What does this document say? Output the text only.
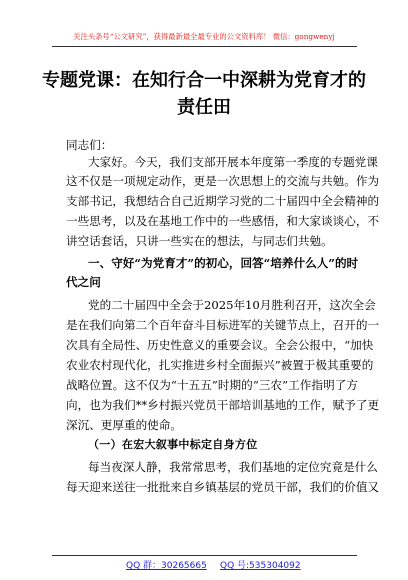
关注头条号“公文研究”，获得最新最全最专业的公文资料库！ 微信：gongwenyj
专题党课：在知行合一中深耕为党育才的
责任田
同志们：
大家好。今天，我们支部开展本年度第一季度的专题党课
这不仅是一项规定动作，更是一次思想上的交流与共勉。作为
支部书记，我想结合自己近期学习党的二十届四中全会精神的
一些思考，以及在基地工作中的一些感悟，和大家谈谈心，不
讲空话套话，只讲一些实在的想法，与同志们共勉。
一、守好“为党育才”的初心，回答“培养什么人”的时
代之问
党的二十届四中全会于2025年10月胜利召开，这次全会
是在我们向第二个百年奋斗目标进军的关键节点上，召开的一
次具有全局性、历史性意义的重要会议。全会公报中，“加快
农业农村现代化，扎实推进乡村全面振兴”被置于极其重要的
战略位置。这不仅为“十五五”时期的“三农”工作指明了方
向，也为我们**乡村振兴党员干部培训基地的工作，赋予了更
深沉、更厚重的使命。
（一）在宏大叙事中标定自身方位
每当夜深人静，我常常思考，我们基地的定位究竟是什么
每天迎来送往一批批来自乡镇基层的党员干部，我们的价值又
QQ 群：30265665 QQ 号:535304092
